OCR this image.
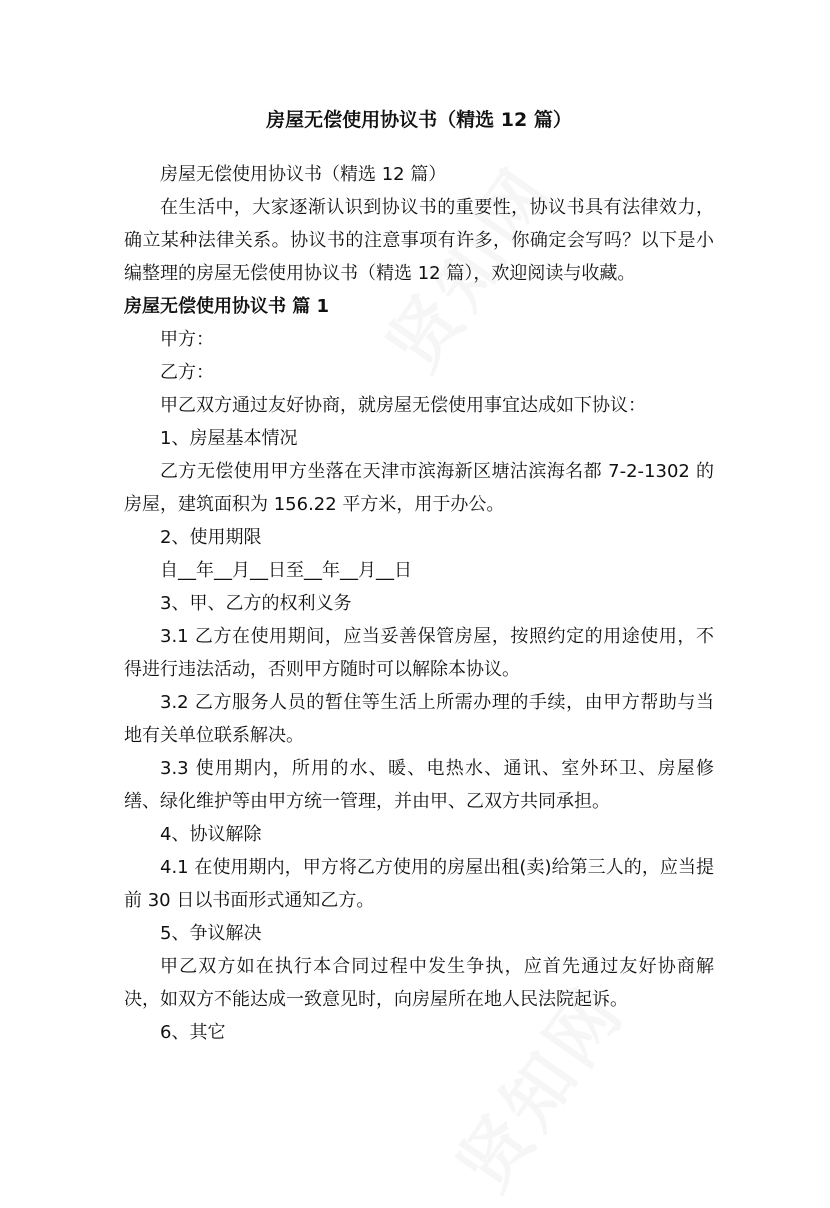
房屋无偿使用协议书（精选 12 篇）

房屋无偿使用协议书（精选 12 篇）

在生活中，大家逐渐认识到协议书的重要性，协议书具有法律效力，确立某种法律关系。协议书的注意事项有许多，你确定会写吗？以下是小编整理的房屋无偿使用协议书（精选 12 篇），欢迎阅读与收藏。

房屋无偿使用协议书 篇 1

甲方：

乙方：

甲乙双方通过友好协商，就房屋无偿使用事宜达成如下协议：

1、房屋基本情况

乙方无偿使用甲方坐落在天津市滨海新区塘沽滨海名都 7-2-1302 的房屋，建筑面积为 156.22 平方米，用于办公。

2、使用期限

自__年__月__日至__年__月__日

3、甲、乙方的权利义务

3.1 乙方在使用期间，应当妥善保管房屋，按照约定的用途使用，不得进行违法活动，否则甲方随时可以解除本协议。

3.2 乙方服务人员的暂住等生活上所需办理的手续，由甲方帮助与当地有关单位联系解决。

3.3 使用期内，所用的水、暖、电热水、通讯、室外环卫、房屋修缮、绿化维护等由甲方统一管理，并由甲、乙双方共同承担。

4、协议解除

4.1 在使用期内，甲方将乙方使用的房屋出租(卖)给第三人的，应当提前 30 日以书面形式通知乙方。

5、争议解决

甲乙双方如在执行本合同过程中发生争执，应首先通过友好协商解决，如双方不能达成一致意见时，向房屋所在地人民法院起诉。

6、其它
